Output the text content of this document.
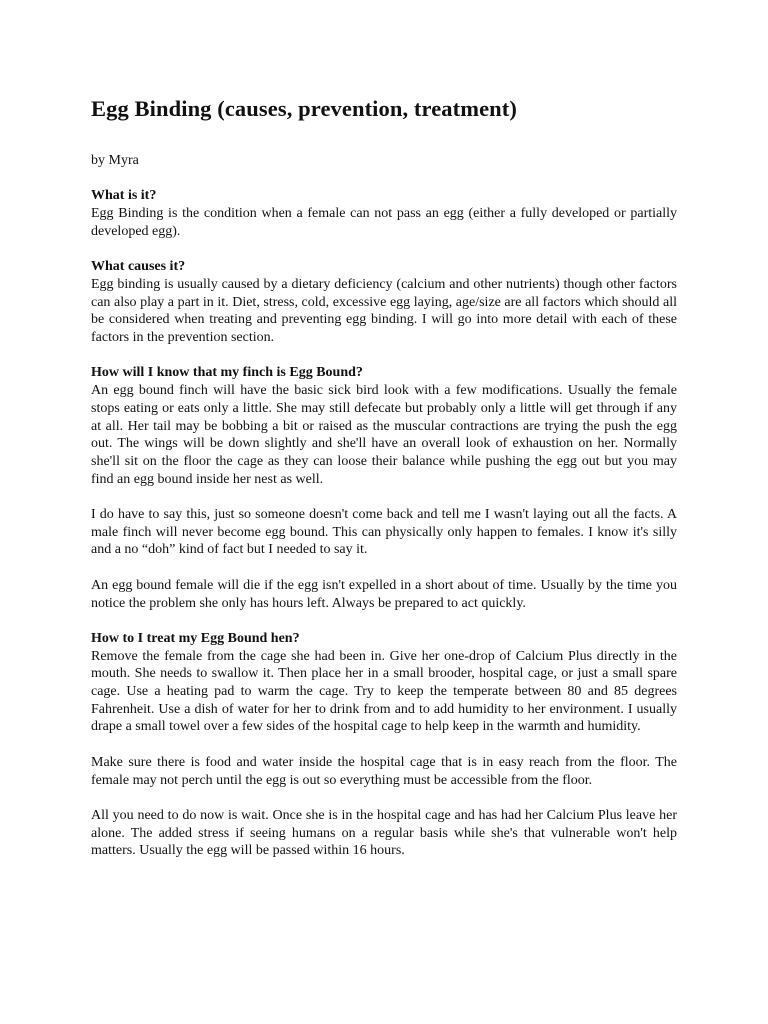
Egg Binding (causes, prevention, treatment)
by Myra
What is it?

Egg Binding is the condition when a female can not pass an egg (either a fully developed or partially developed egg).

What causes it?

Egg binding is usually caused by a dietary deficiency (calcium and other nutrients) though other factors can also play a part in it. Diet, stress, cold, excessive egg laying, age/size are all factors which should all be considered when treating and preventing egg binding. I will go into more detail with each of these factors in the prevention section.

How will I know that my finch is Egg Bound?

An egg bound finch will have the basic sick bird look with a few modifications. Usually the female stops eating or eats only a little. She may still defecate but probably only a little will get through if any at all. Her tail may be bobbing a bit or raised as the muscular contractions are trying the push the egg out. The wings will be down slightly and she'll have an overall look of exhaustion on her. Normally she'll sit on the floor the cage as they can loose their balance while pushing the egg out but you may find an egg bound inside her nest as well.

I do have to say this, just so someone doesn't come back and tell me I wasn't laying out all the facts. A male finch will never become egg bound. This can physically only happen to females. I know it's silly and a no “doh” kind of fact but I needed to say it.

An egg bound female will die if the egg isn't expelled in a short about of time. Usually by the time you notice the problem she only has hours left. Always be prepared to act quickly.

How to I treat my Egg Bound hen?

Remove the female from the cage she had been in. Give her one-drop of Calcium Plus directly in the mouth. She needs to swallow it. Then place her in a small brooder, hospital cage, or just a small spare cage. Use a heating pad to warm the cage. Try to keep the temperate between 80 and 85 degrees Fahrenheit. Use a dish of water for her to drink from and to add humidity to her environment. I usually drape a small towel over a few sides of the hospital cage to help keep in the warmth and humidity.

Make sure there is food and water inside the hospital cage that is in easy reach from the floor. The female may not perch until the egg is out so everything must be accessible from the floor.

All you need to do now is wait. Once she is in the hospital cage and has had her Calcium Plus leave her alone. The added stress if seeing humans on a regular basis while she's that vulnerable won't help matters. Usually the egg will be passed within 16 hours.
